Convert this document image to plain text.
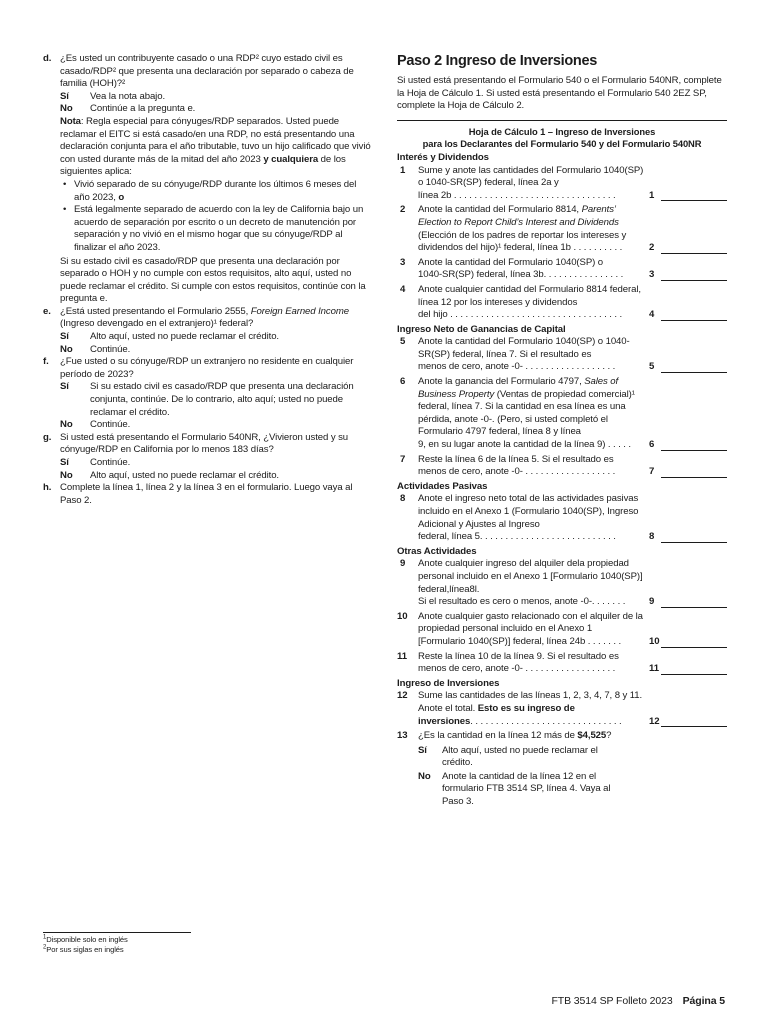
d. ¿Es usted un contribuyente casado o una RDP² cuyo estado civil es casado/RDP² que presenta una declaración por separado o cabeza de familia (HOH)?²
Sí Vea la nota abajo.
No Continúe a la pregunta e.
Nota: Regla especial para cónyuges/RDP separados. Usted puede reclamar el EITC si está casado/en una RDP, no está presentando una declaración conjunta para el año tributable, tuvo un hijo calificado que vivió con usted durante más de la mitad del año 2023 y cualquiera de los siguientes aplica:
• Vivió separado de su cónyuge/RDP durante los últimos 6 meses del año 2023, o
• Está legalmente separado de acuerdo con la ley de California bajo un acuerdo de separación por escrito o un decreto de manutención por separación y no vivió en el mismo hogar que su cónyuge/RDP al finalizar el año 2023.
Si su estado civil es casado/RDP que presenta una declaración por separado o HOH y no cumple con estos requisitos, alto aquí, usted no puede reclamar el crédito. Si cumple con estos requisitos, continúe con la pregunta e.
e. ¿Está usted presentando el Formulario 2555, Foreign Earned Income (Ingreso devengado en el extranjero)¹ federal?
Sí Alto aquí, usted no puede reclamar el crédito.
No Continúe.
f. ¿Fue usted o su cónyuge/RDP un extranjero no residente en cualquier período de 2023?
Sí Si su estado civil es casado/RDP que presenta una declaración conjunta, continúe. De lo contrario, alto aquí; usted no puede reclamar el crédito.
No Continúe.
g. Si usted está presentando el Formulario 540NR, ¿Vivieron usted y su cónyuge/RDP en California por lo menos 183 días?
Sí Continúe.
No Alto aquí, usted no puede reclamar el crédito.
h. Complete la línea 1, línea 2 y la línea 3 en el formulario. Luego vaya al Paso 2.
Paso 2 Ingreso de Inversiones
Si usted está presentando el Formulario 540 o el Formulario 540NR, complete la Hoja de Cálculo 1. Si usted está presentando el Formulario 540 2EZ SP, complete la Hoja de Cálculo 2.
Hoja de Cálculo 1 – Ingreso de Inversiones
para los Declarantes del Formulario 540 y del Formulario 540NR
Interés y Dividendos
1	Sume y anote las cantidades del Formulario 1040(SP) o 1040-SR(SP) federal, línea 2a y
línea 2b . . . . . . . . . . . . . . . . . . . . . . . . . . . . . . . .	1
2	Anote la cantidad del Formulario 8814, Parents’ Election to Report Child’s Interest and Dividends (Elección de los padres de reportar los intereses y
dividendos del hijo)¹ federal, línea 1b . . . . . . . . . .	2
3	Anote la cantidad del Formulario 1040(SP) o
1040-SR(SP) federal, línea 3b. . . . . . . . . . . . . . . .	3
4	Anote cualquier cantidad del Formulario 8814 federal, línea 12 por los intereses y dividendos
del hijo . . . . . . . . . . . . . . . . . . . . . . . . . . . . . . . . . .	4
Ingreso Neto de Ganancias de Capital
5	Anote la cantidad del Formulario 1040(SP) o 1040-SR(SP) federal, línea 7. Si el resultado es
menos de cero, anote -0- . . . . . . . . . . . . . . . . . .	5
6	Anote la ganancia del Formulario 4797, Sales of Business Property (Ventas de propiedad comercial)¹ federal, línea 7. Si la cantidad en esa línea es una pérdida, anote -0-. (Pero, si usted completó el Formulario 4797 federal, línea 8 y línea
9, en su lugar anote la cantidad de la línea 9) . . . . .	6
7	Reste la línea 6 de la línea 5. Si el resultado es
menos de cero, anote -0- . . . . . . . . . . . . . . . . . .	7
Actividades Pasivas
8	Anote el ingreso neto total de las actividades pasivas incluido en el Anexo 1 (Formulario 1040(SP), Ingreso Adicional y Ajustes al Ingreso
federal, línea 5. . . . . . . . . . . . . . . . . . . . . . . . . . .	8
Otras Actividades
9	Anote cualquier ingreso del alquiler dela propiedad personal incluido en el Anexo 1 [Formulario 1040(SP)] federal,línea8l.
Si el resultado es cero o menos, anote -0-. . . . . . .	9
10	Anote cualquier gasto relacionado con el alquiler de la propiedad personal incluido en el Anexo 1
[Formulario 1040(SP)] federal, línea 24b . . . . . . .	10
11	Reste la línea 10 de la línea 9. Si el resultado es
menos de cero, anote -0- . . . . . . . . . . . . . . . . . .	11
Ingreso de Inversiones
12	Sume las cantidades de las líneas 1, 2, 3, 4, 7, 8 y 11. Anote el total. Esto es su ingreso de
inversiones. . . . . . . . . . . . . . . . . . . . . . . . . . . . . .	12
13	¿Es la cantidad en la línea 12 más de $4,525?
Sí Alto aquí, usted no puede reclamar el crédito.
No Anote la cantidad de la línea 12 en el formulario FTB 3514 SP, línea 4. Vaya al Paso 3.
$^1$Disponible solo en inglés
$^2$Por sus siglas en inglés
FTB 3514 SP Folleto 2023 Página 5
